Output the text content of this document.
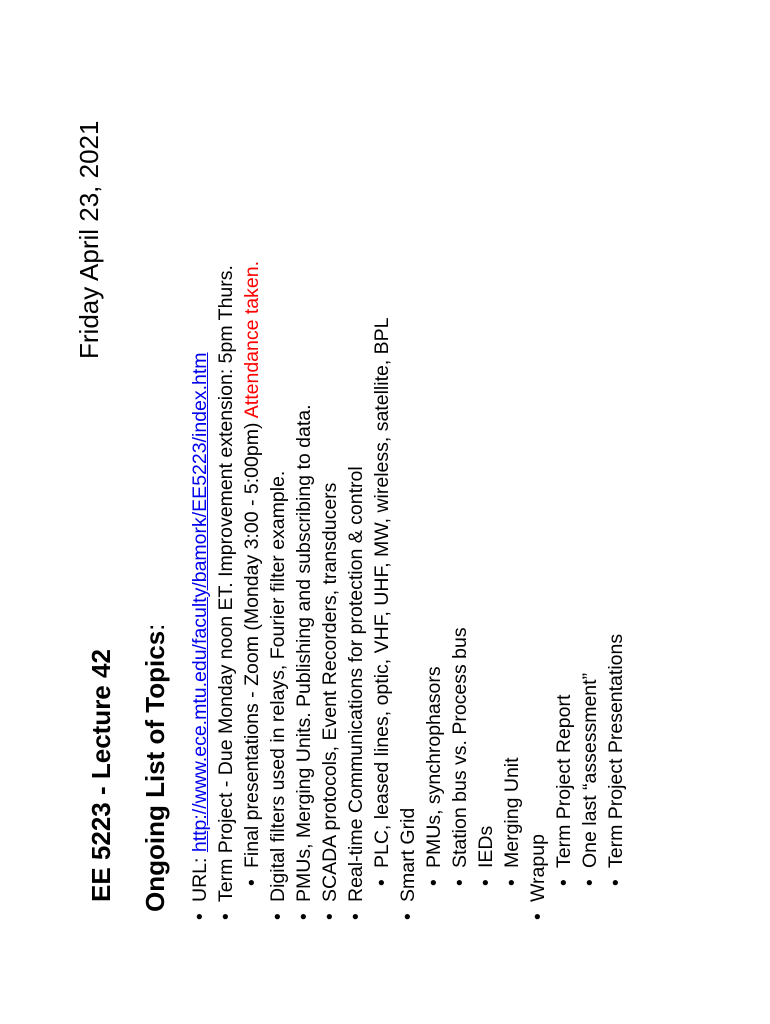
EE 5223 - Lecture 42
Friday April 23, 2021
Ongoing List of Topics:
•
URL: http://www.ece.mtu.edu/faculty/bamork/EE5223/index.htm
•
Term Project - Due Monday noon ET. Improvement extension: 5pm Thurs. •
Final presentations - Zoom (Monday 3:00 - 5:00pm) Attendance taken.
•
Digital filters used in relays, Fourier filter example.
•
PMUs, Merging Units. Publishing and subscribing to data.
•
SCADA protocols, Event Recorders, transducers
•
Real-time Communications for protection & control •
PLC, leased lines, optic, VHF, UHF, MW, wireless, satellite, BPL
•
Smart Grid •
PMUs, synchrophasors
•
Station bus vs. Process bus
•
IEDs
•
Merging Unit
•
Wrapup •
Term Project Report
•
One last “assessment”
•
Term Project Presentations
